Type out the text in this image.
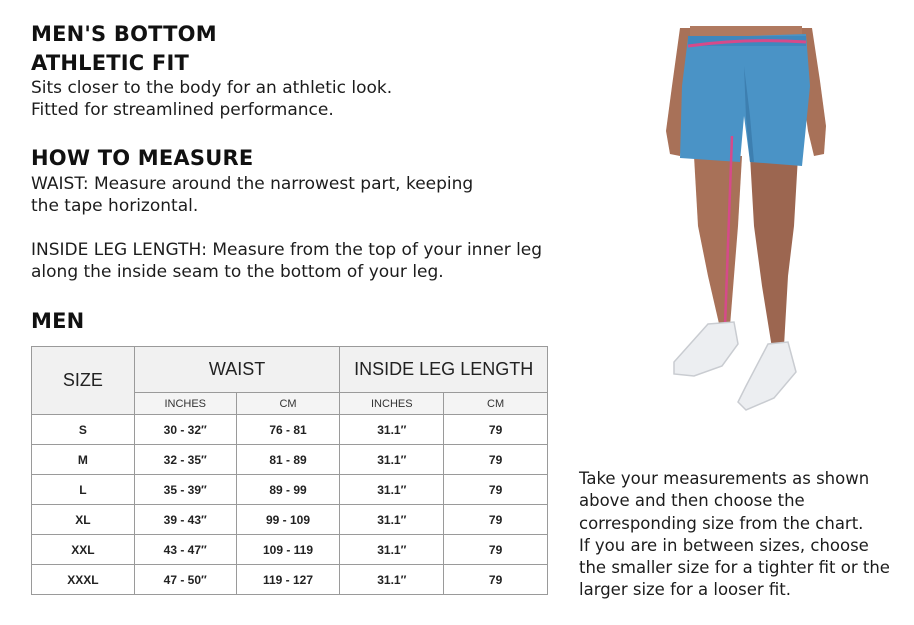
MEN'S BOTTOM
ATHLETIC FIT
Sits closer to the body for an athletic look.
Fitted for streamlined performance.
HOW TO MEASURE
WAIST: Measure around the narrowest part, keeping
the tape horizontal.
INSIDE LEG LENGTH: Measure from the top of your inner leg
along the inside seam to the bottom of your leg.
MEN
SIZE	WAIST		INSIDE LEG LENGTH	
	INCHES	CM	INCHES	CM
S	30 - 32″	76 - 81	31.1″	79
M	32 - 35″	81 - 89	31.1″	79
L	35 - 39″	89 - 99	31.1″	79
XL	39 - 43″	99 - 109	31.1″	79
XXL	43 - 47″	109 - 119	31.1″	79
XXXL	47 - 50″	119 - 127	31.1″	79
Take your measurements as shown
above and then choose the
corresponding size from the chart.
If you are in between sizes, choose
the smaller size for a tighter fit or the
larger size for a looser fit.
